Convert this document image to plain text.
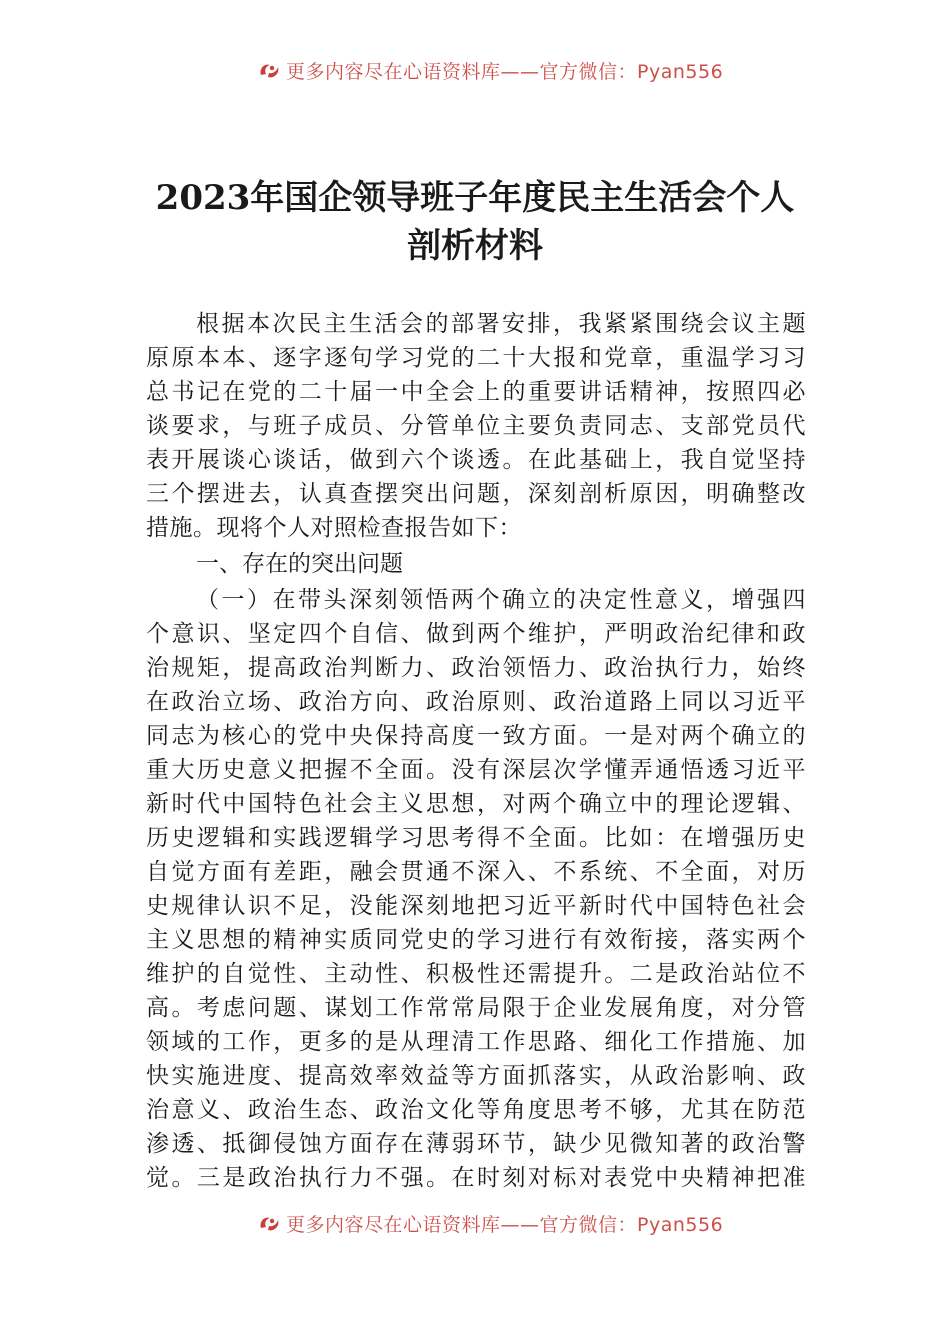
更多内容尽在心语资料库——官方微信：Pyan556
2023年国企领导班子年度民主生活会个人
剖析材料
根据本次民主生活会的部署安排，我紧紧围绕会议主题
原原本本、逐字逐句学习党的二十大报和党章，重温学习习
总书记在党的二十届一中全会上的重要讲话精神，按照四必
谈要求，与班子成员、分管单位主要负责同志、支部党员代
表开展谈心谈话，做到六个谈透。在此基础上，我自觉坚持
三个摆进去，认真查摆突出问题，深刻剖析原因，明确整改
措施。现将个人对照检查报告如下：
一、存在的突出问题
（一）在带头深刻领悟两个确立的决定性意义，增强四
个意识、坚定四个自信、做到两个维护，严明政治纪律和政
治规矩，提高政治判断力、政治领悟力、政治执行力，始终
在政治立场、政治方向、政治原则、政治道路上同以习近平
同志为核心的党中央保持高度一致方面。一是对两个确立的
重大历史意义把握不全面。没有深层次学懂弄通悟透习近平
新时代中国特色社会主义思想，对两个确立中的理论逻辑、
历史逻辑和实践逻辑学习思考得不全面。比如：在增强历史
自觉方面有差距，融会贯通不深入、不系统、不全面，对历
史规律认识不足，没能深刻地把习近平新时代中国特色社会
主义思想的精神实质同党史的学习进行有效衔接，落实两个
维护的自觉性、主动性、积极性还需提升。二是政治站位不
高。考虑问题、谋划工作常常局限于企业发展角度，对分管
领域的工作，更多的是从理清工作思路、细化工作措施、加
快实施进度、提高效率效益等方面抓落实，从政治影响、政
治意义、政治生态、政治文化等角度思考不够，尤其在防范
渗透、抵御侵蚀方面存在薄弱环节，缺少见微知著的政治警
觉。三是政治执行力不强。在时刻对标对表党中央精神把准
更多内容尽在心语资料库——官方微信：Pyan556
